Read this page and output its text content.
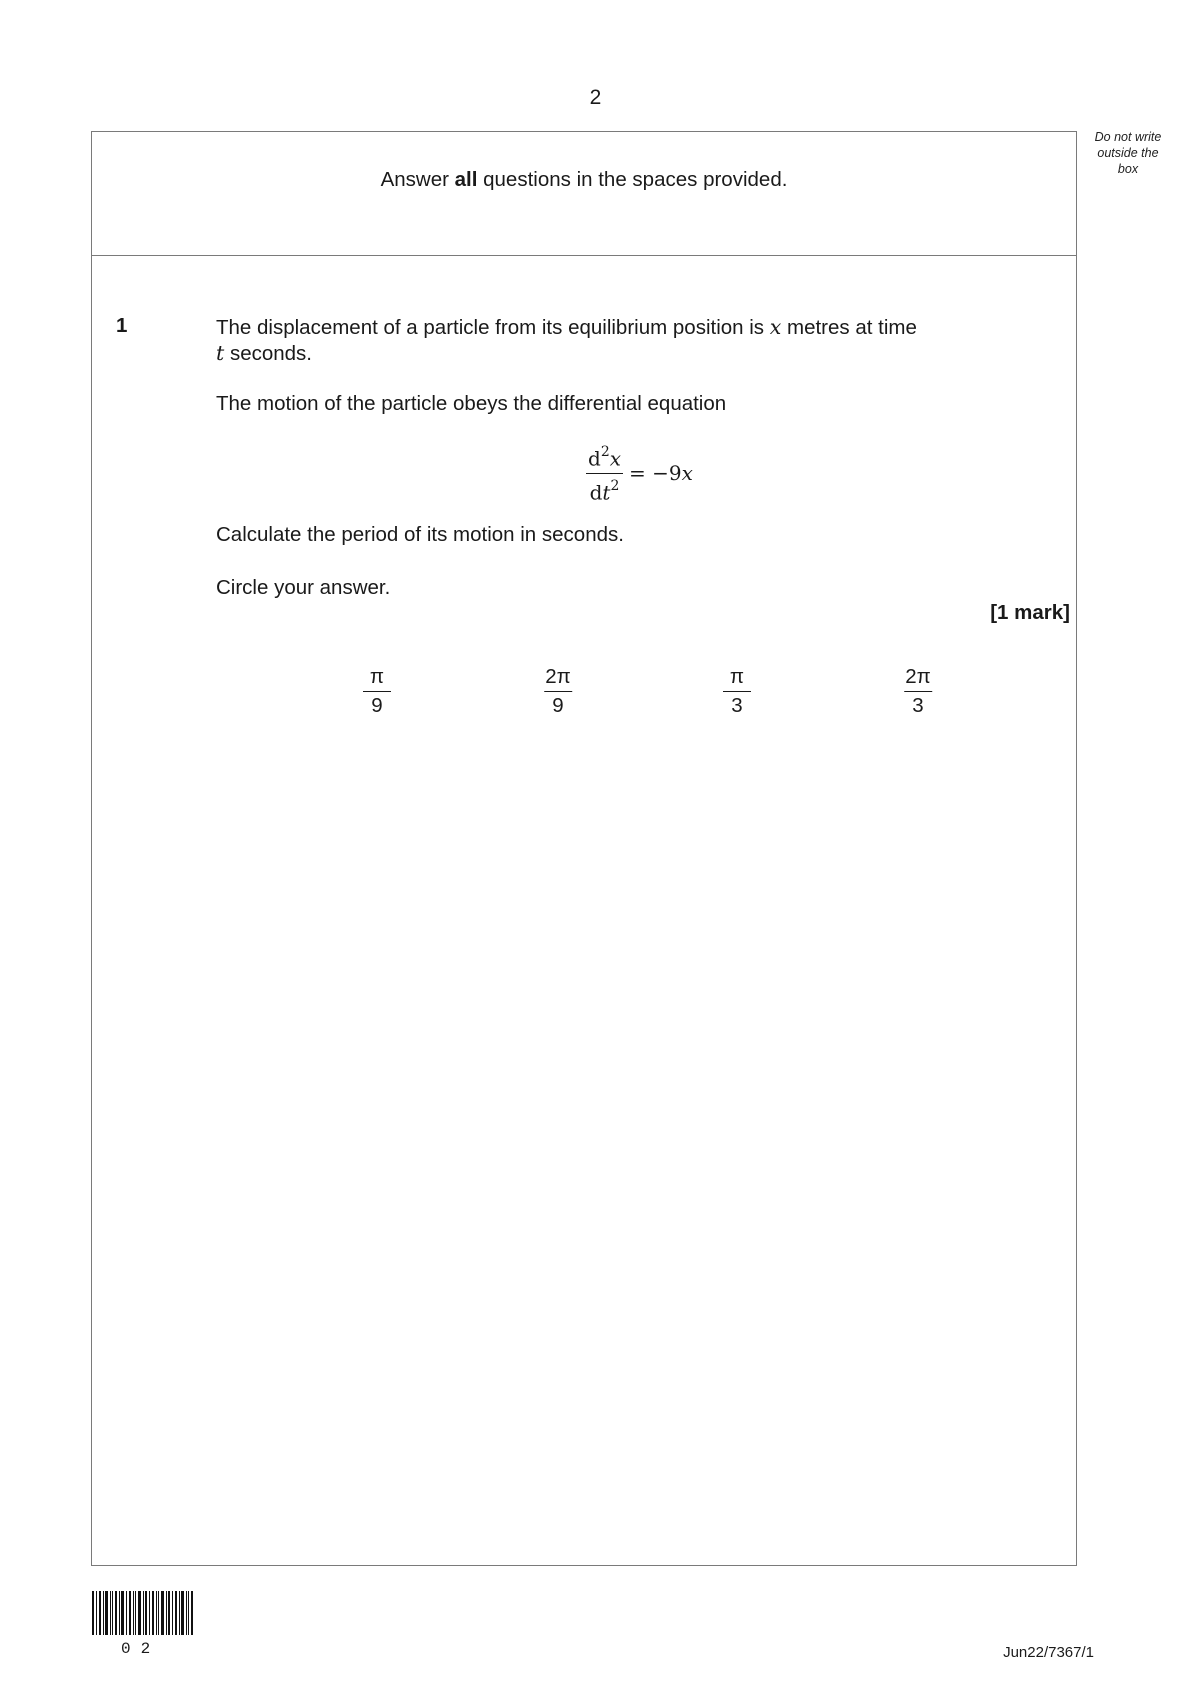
2
Do not write outside the box
Answer all questions in the spaces provided.
1	The displacement of a particle from its equilibrium position is x metres at time
t seconds.
The motion of the particle obeys the differential equation
$\frac{d^2x}{dt^2} = -9x$
Calculate the period of its motion in seconds.
Circle your answer.
[1 mark]
$\frac{\pi}{9}$	$\frac{2\pi}{9}$	$\frac{\pi}{3}$	$\frac{2\pi}{3}$
02	Jun22/7367/1
